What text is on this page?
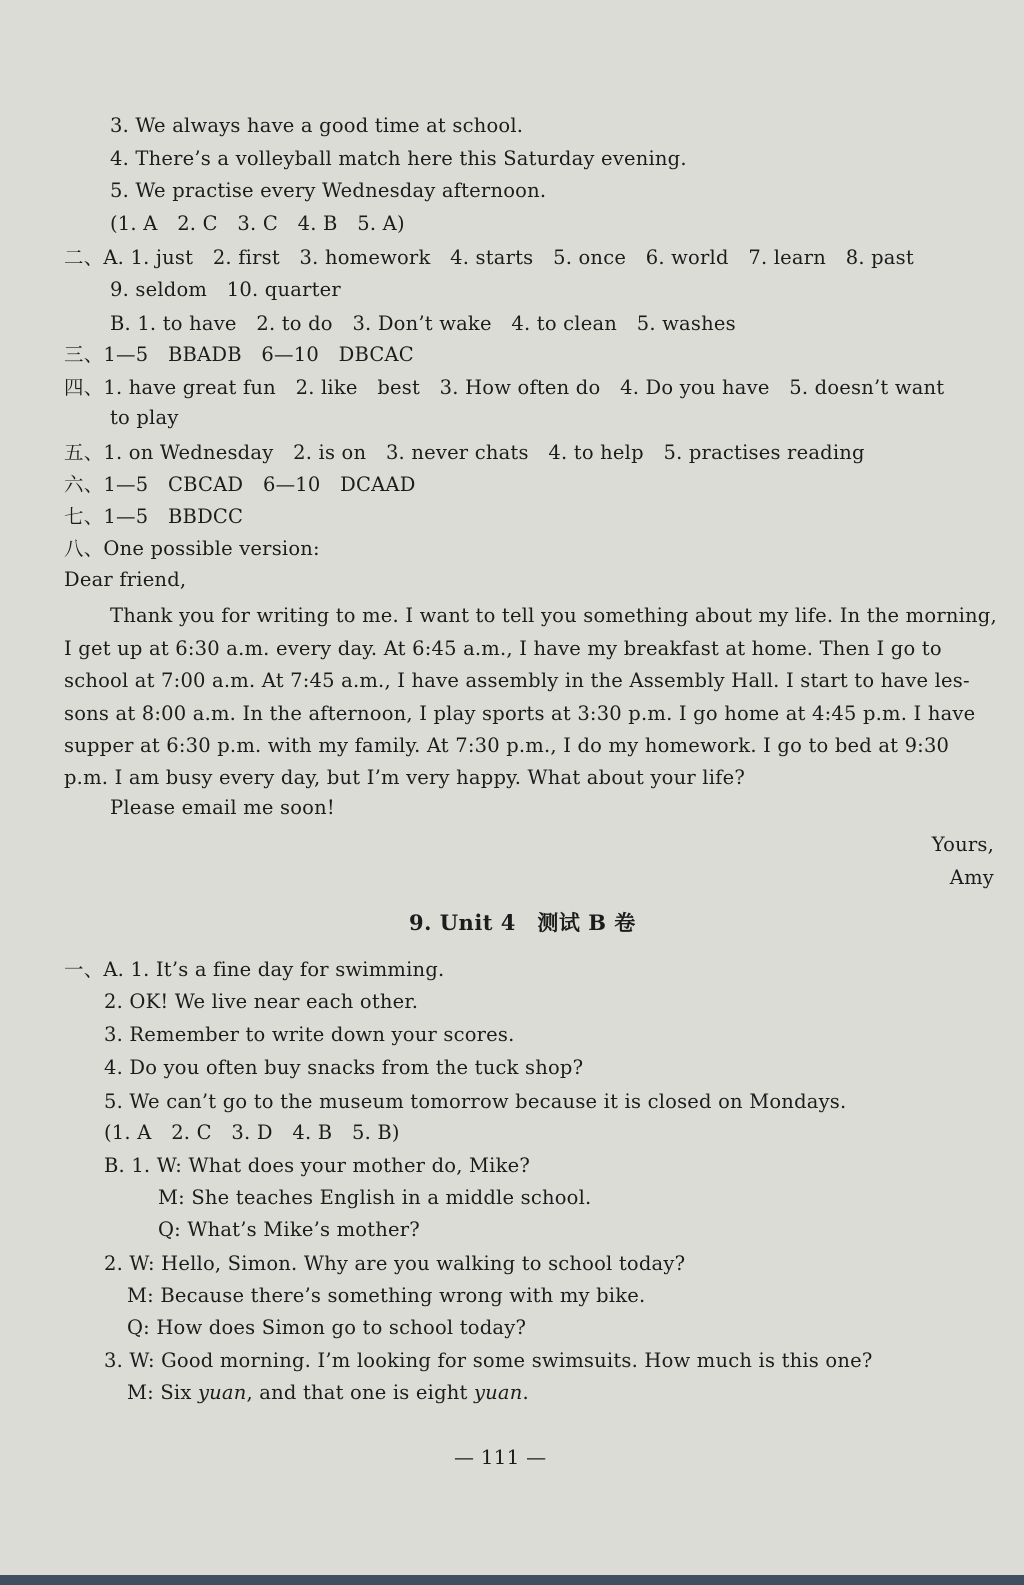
3. We always have a good time at school.
4. There’s a volleyball match here this Saturday evening.
5. We practise every Wednesday afternoon.
(1. A　2. C　3. C　4. B　5. A)
二、A. 1. just　2. first　3. homework　4. starts　5. once　6. world　7. learn　8. past
9. seldom　10. quarter
B. 1. to have　2. to do　3. Don’t wake　4. to clean　5. washes
三、1—5　BBADB　6—10　DBCAC
四、1. have great fun　2. like　best　3. How often do　4. Do you have　5. doesn’t want
to play
五、1. on Wednesday　2. is on　3. never chats　4. to help　5. practises reading
六、1—5　CBCAD　6—10　DCAAD
七、1—5　BBDCC
八、One possible version:
Dear friend,
Thank you for writing to me. I want to tell you something about my life. In the morning,
I get up at 6:30 a.m. every day. At 6:45 a.m., I have my breakfast at home. Then I go to
school at 7:00 a.m. At 7:45 a.m., I have assembly in the Assembly Hall. I start to have les-
sons at 8:00 a.m. In the afternoon, I play sports at 3:30 p.m. I go home at 4:45 p.m. I have
supper at 6:30 p.m. with my family. At 7:30 p.m., I do my homework. I go to bed at 9:30
p.m. I am busy every day, but I’m very happy. What about your life?
Please email me soon!
Yours,
Amy
9. Unit 4　测试 B 卷
一、A. 1. It’s a fine day for swimming.
2. OK! We live near each other.
3. Remember to write down your scores.
4. Do you often buy snacks from the tuck shop?
5. We can’t go to the museum tomorrow because it is closed on Mondays.
(1. A　2. C　3. D　4. B　5. B)
B. 1. W: What does your mother do, Mike?
M: She teaches English in a middle school.
Q: What’s Mike’s mother?
2. W: Hello, Simon. Why are you walking to school today?
M: Because there’s something wrong with my bike.
Q: How does Simon go to school today?
3. W: Good morning. I’m looking for some swimsuits. How much is this one?
M: Six yuan, and that one is eight yuan.
— 111 —
